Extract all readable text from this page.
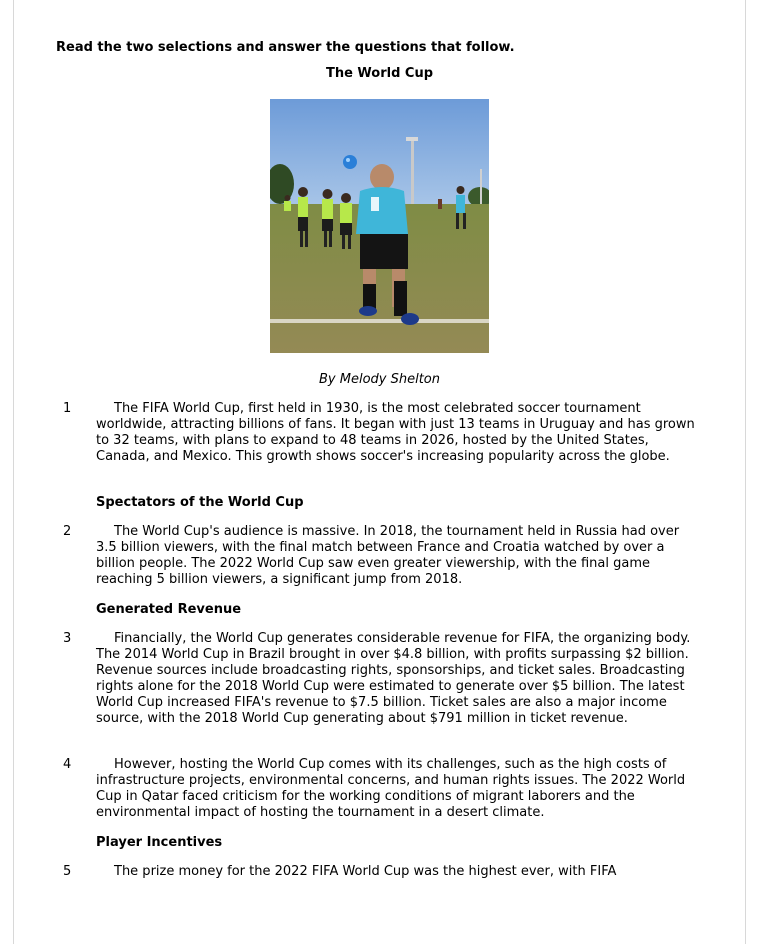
Read the two selections and answer the questions that follow.
The World Cup
By Melody Shelton
1	The FIFA World Cup, first held in 1930, is the most celebrated soccer tournament worldwide, attracting billions of fans. It began with just 13 teams in Uruguay and has grown to 32 teams, with plans to expand to 48 teams in 2026, hosted by the United States, Canada, and Mexico. This growth shows soccer's increasing popularity across the globe.
Spectators of the World Cup
2	The World Cup's audience is massive. In 2018, the tournament held in Russia had over 3.5 billion viewers, with the final match between France and Croatia watched by over a billion people. The 2022 World Cup saw even greater viewership, with the final game reaching 5 billion viewers, a significant jump from 2018.
Generated Revenue
3	Financially, the World Cup generates considerable revenue for FIFA, the organizing body. The 2014 World Cup in Brazil brought in over $4.8 billion, with profits surpassing $2 billion. Revenue sources include broadcasting rights, sponsorships, and ticket sales. Broadcasting rights alone for the 2018 World Cup were estimated to generate over $5 billion. The latest World Cup increased FIFA's revenue to $7.5 billion. Ticket sales are also a major income source, with the 2018 World Cup generating about $791 million in ticket revenue.
4	However, hosting the World Cup comes with its challenges, such as the high costs of infrastructure projects, environmental concerns, and human rights issues. The 2022 World Cup in Qatar faced criticism for the working conditions of migrant laborers and the environmental impact of hosting the tournament in a desert climate.
Player Incentives
5	The prize money for the 2022 FIFA World Cup was the highest ever, with FIFA
